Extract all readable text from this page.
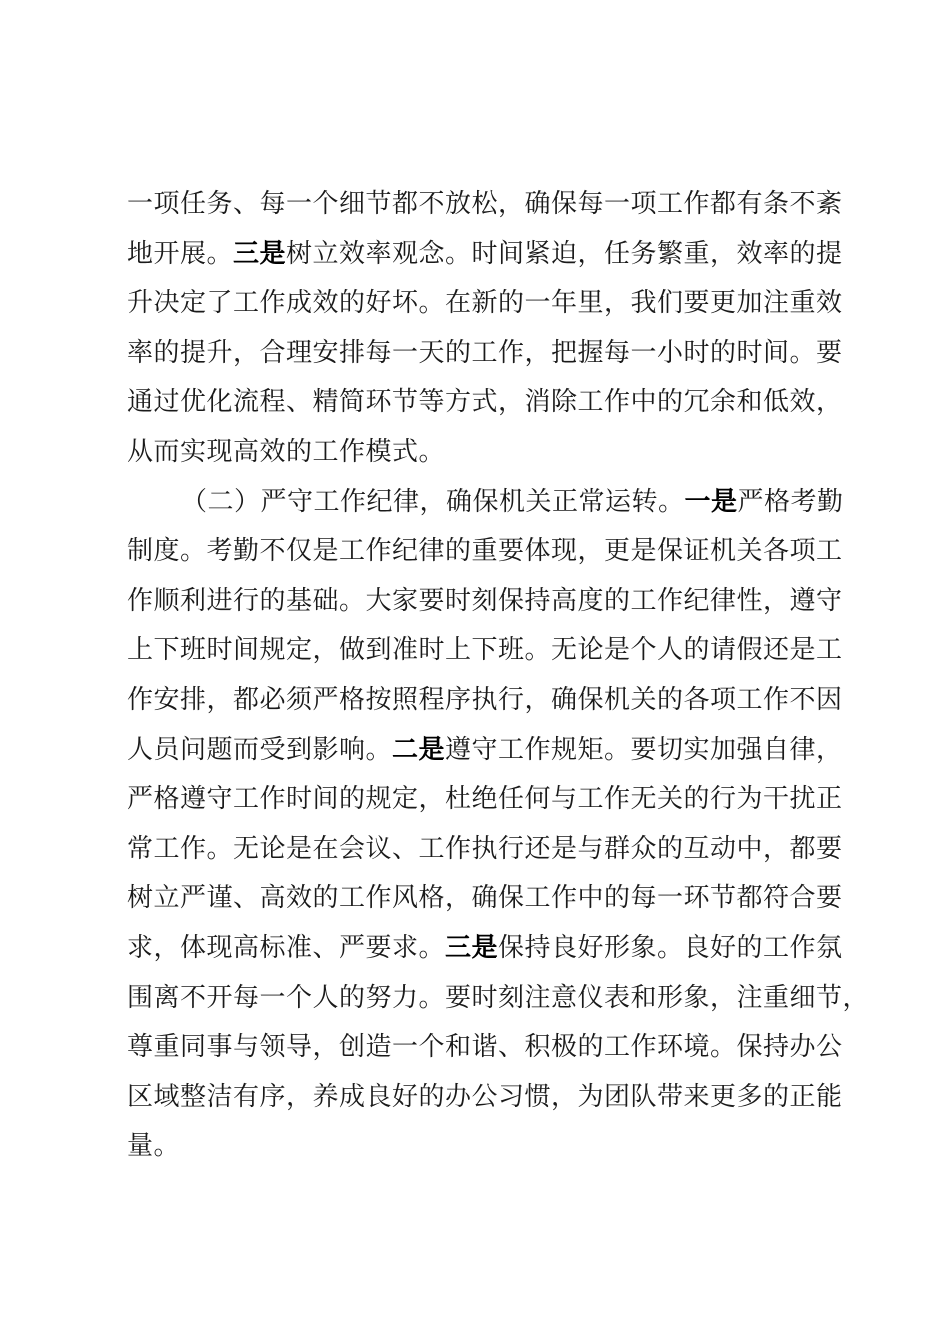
一项任务、每一个细节都不放松，确保每一项工作都有条不紊
地开展。三是树立效率观念。时间紧迫，任务繁重，效率的提
升决定了工作成效的好坏。在新的一年里，我们要更加注重效
率的提升，合理安排每一天的工作，把握每一小时的时间。要
通过优化流程、精简环节等方式，消除工作中的冗余和低效，
从而实现高效的工作模式。
（二）严守工作纪律，确保机关正常运转。一是严格考勤
制度。考勤不仅是工作纪律的重要体现，更是保证机关各项工
作顺利进行的基础。大家要时刻保持高度的工作纪律性，遵守
上下班时间规定，做到准时上下班。无论是个人的请假还是工
作安排，都必须严格按照程序执行，确保机关的各项工作不因
人员问题而受到影响。二是遵守工作规矩。要切实加强自律，
严格遵守工作时间的规定，杜绝任何与工作无关的行为干扰正
常工作。无论是在会议、工作执行还是与群众的互动中，都要
树立严谨、高效的工作风格，确保工作中的每一环节都符合要
求，体现高标准、严要求。三是保持良好形象。良好的工作氛
围离不开每一个人的努力。要时刻注意仪表和形象，注重细节，
尊重同事与领导，创造一个和谐、积极的工作环境。保持办公
区域整洁有序，养成良好的办公习惯，为团队带来更多的正能
量。
